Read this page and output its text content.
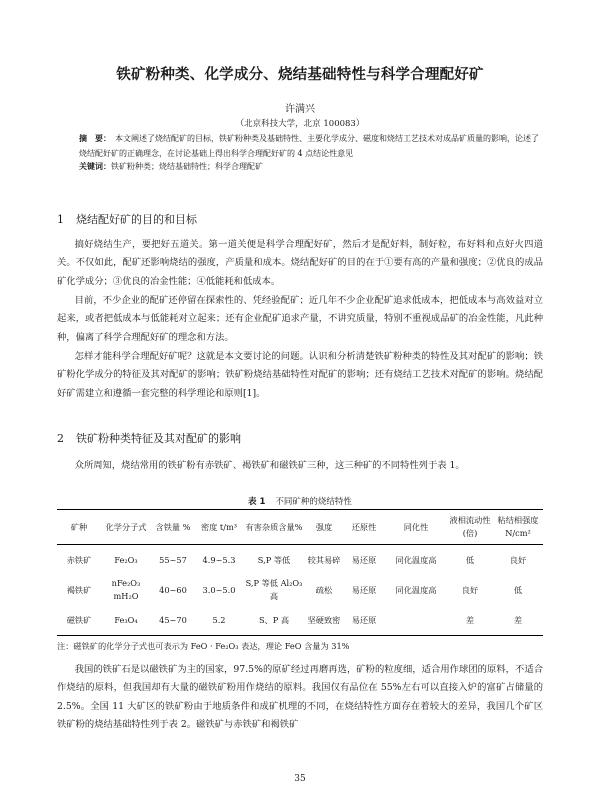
铁矿粉种类、化学成分、烧结基础特性与科学合理配好矿
许满兴
（北京科技大学，北京 100083）
摘　要： 本文阐述了烧结配矿的目标，铁矿粉种类及基础特性、主要化学成分、磁度和烧结工艺技术对成品矿质量的影响，论述了烧结配好矿的正确理念，在讨论基础上得出科学合理配好矿的 4 点结论性意见
关键词：铁矿粉种类；烧结基础特性；科学合理配矿
1 烧结配好矿的目的和目标
搞好烧结生产，要把好五道关。第一道关便是科学合理配好矿，然后才是配好料，制好粒，布好料和点好火四道关。不仅如此，配矿还影响烧结的强度，产质量和成本。烧结配好矿的目的在于①要有高的产量和强度；②优良的成品矿化学成分；③优良的冶金性能；④低能耗和低成本。
目前，不少企业的配矿还停留在探索性的、凭经验配矿；近几年不少企业配矿追求低成本，把低成本与高效益对立起来，或者把低成本与低能耗对立起来；还有企业配矿追求产量，不讲究质量，特别不重视成品矿的冶金性能，凡此种种，偏离了科学合理配好矿的理念和方法。
怎样才能科学合理配好矿呢？这就是本文要讨论的问题。认识和分析清楚铁矿粉种类的特性及其对配矿的影响；铁矿粉化学成分的特征及其对配矿的影响；铁矿粉烧结基础特性对配矿的影响；还有烧结工艺技术对配矿的影响。烧结配好矿需建立和遵循一套完整的科学理论和原则[1]。
2 铁矿粉种类特征及其对配矿的影响
众所周知，烧结常用的铁矿粉有赤铁矿、褐铁矿和磁铁矿三种，这三种矿的不同特性列于表 1。
表 1 不同矿种的烧结特性
矿种	化学分子式	含铁量 %	密度 t/m³	有害杂质含量%	强度	还原性	同化性	液相流动性(倍)	粘结相强度 N/cm²
赤铁矿	Fe₂O₃	55~57	4.9~5.3	S,P 等低	较其易碎	易还原	同化温度高	低	良好
褐铁矿	nFe₂O₃ mH₂O	40~60	3.0~5.0	S,P 等低 Al₂O₃ 高	疏松	易还原	同化温度高	良好	低
磁铁矿	Fe₃O₄	45~70	5.2	S、P 高	坚硬致密	易还原		差	差
注：磁铁矿的化学分子式也可表示为 FeO · Fe₂O₃ 表达，理论 FeO 含量为 31%
我国的铁矿石是以磁铁矿为主的国家，97.5%的原矿经过再磨再选，矿粉的粒度细，适合用作球团的原料，不适合作烧结的原料，但我国却有大量的磁铁矿粉用作烧结的原料。我国仅有品位在 55%左右可以直接入炉的富矿占储量的 2.5%。全国 11 大矿区的铁矿粉由于地质条件和成矿机理的不同，在烧结特性方面存在着较大的差异，我国几个矿区铁矿粉的烧结基础特性列于表 2。磁铁矿与赤铁矿和褐铁矿
35
